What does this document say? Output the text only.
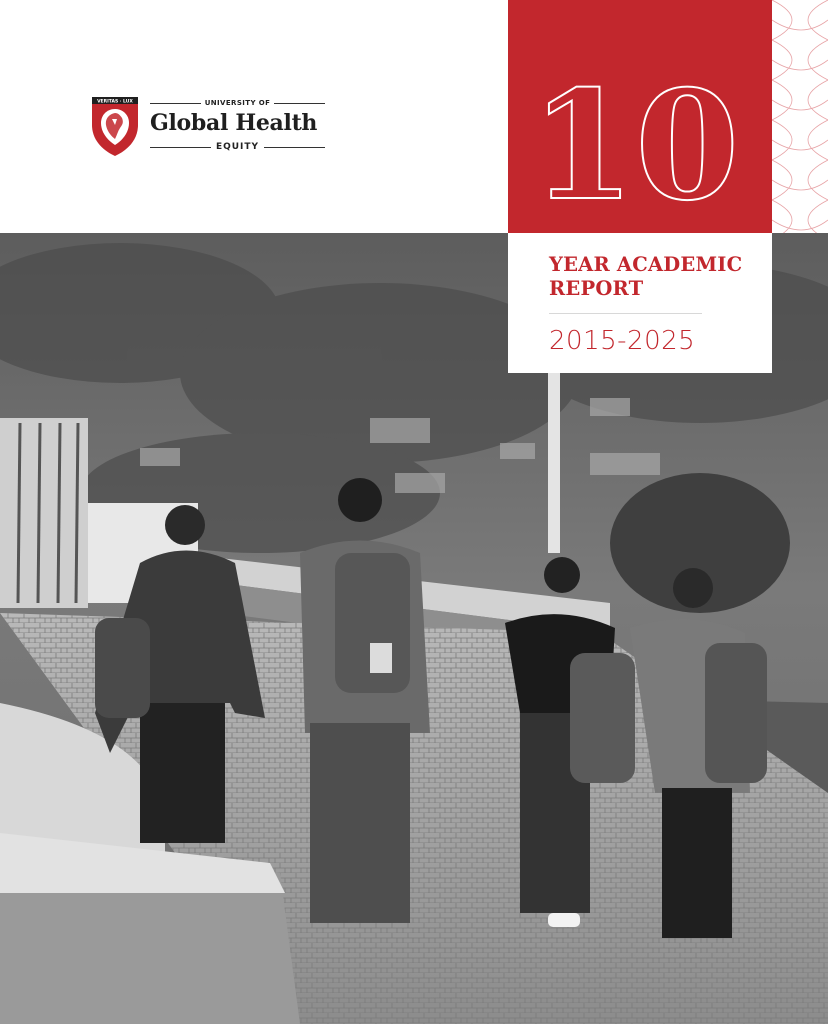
VERITAS · LUX	UNIVERSITY OF
Global Health
EQUITY 10
YEAR ACADEMIC REPORT
2015-2025
